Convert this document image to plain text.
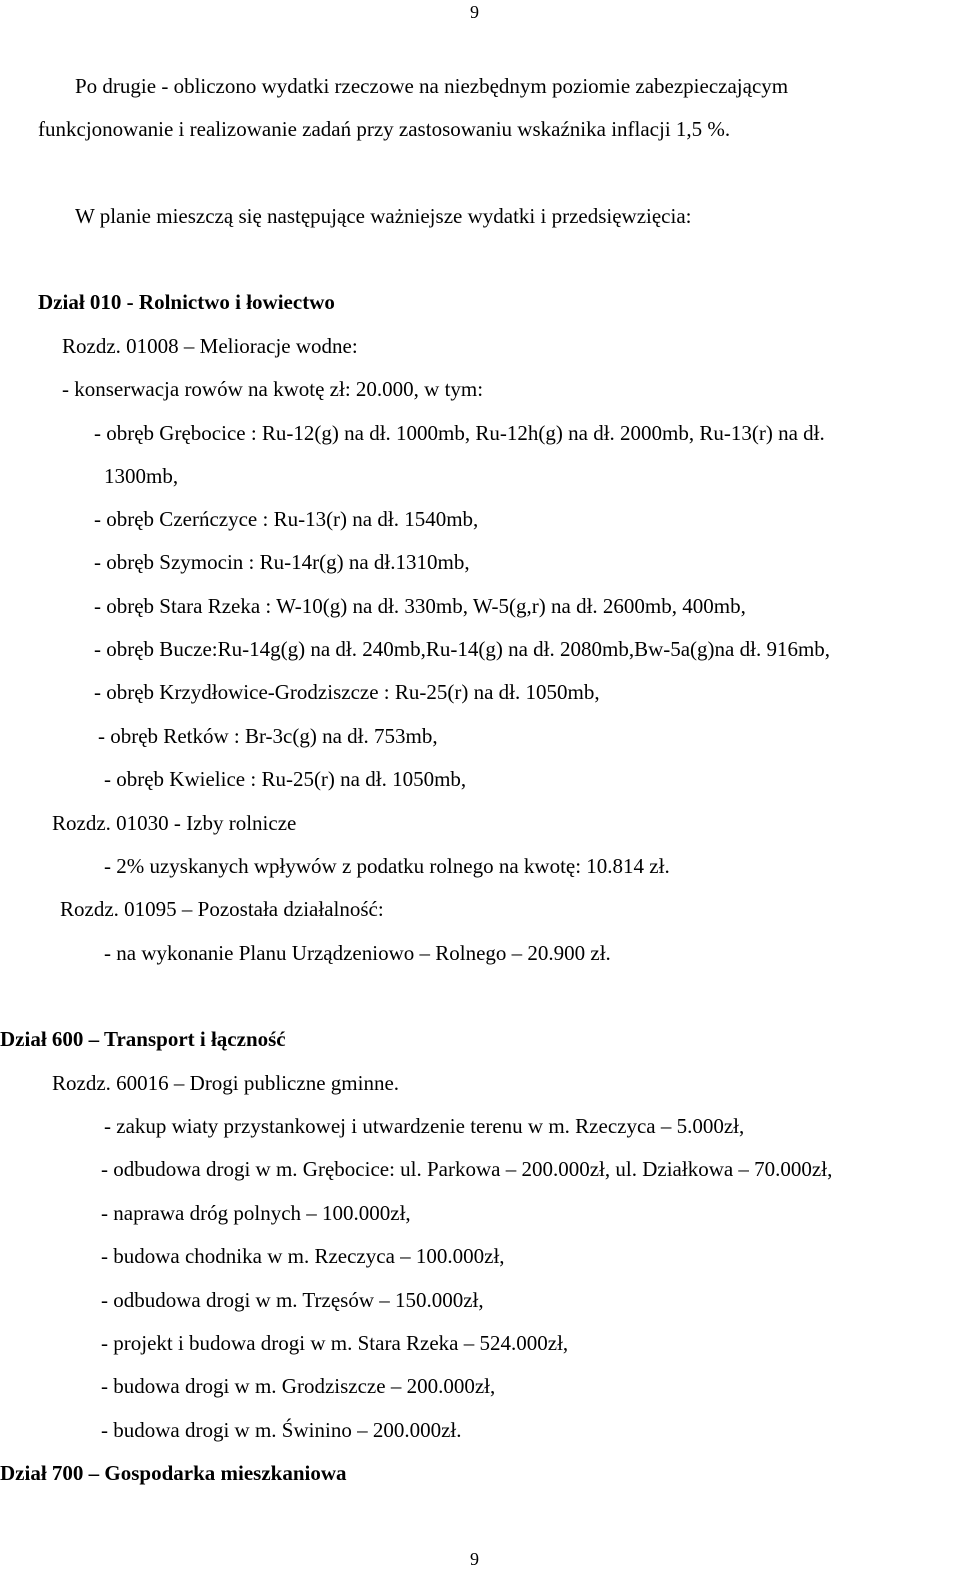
9
Po drugie - obliczono wydatki rzeczowe na niezbędnym poziomie zabezpieczającym
funkcjonowanie i realizowanie zadań przy zastosowaniu wskaźnika inflacji 1,5 %.
W planie mieszczą się następujące ważniejsze wydatki i przedsięwzięcia:
Dział 010 - Rolnictwo i łowiectwo
Rozdz. 01008 – Melioracje wodne:
- konserwacja rowów na kwotę zł: 20.000, w tym:
- obręb Grębocice : Ru-12(g) na dł. 1000mb, Ru-12h(g) na dł. 2000mb, Ru-13(r) na dł.
1300mb,
- obręb Czerńczyce : Ru-13(r) na dł. 1540mb,
- obręb Szymocin : Ru-14r(g) na dł.1310mb,
- obręb Stara Rzeka : W-10(g) na dł. 330mb, W-5(g,r) na dł. 2600mb, 400mb,
- obręb Bucze:Ru-14g(g) na dł. 240mb,Ru-14(g) na dł. 2080mb,Bw-5a(g)na dł. 916mb,
- obręb Krzydłowice-Grodziszcze : Ru-25(r) na dł. 1050mb,
- obręb Retków : Br-3c(g) na dł. 753mb,
- obręb Kwielice : Ru-25(r) na dł. 1050mb,
Rozdz. 01030 - Izby rolnicze
- 2% uzyskanych wpływów z podatku rolnego na kwotę: 10.814 zł.
Rozdz. 01095 – Pozostała działalność:
- na wykonanie Planu Urządzeniowo – Rolnego – 20.900 zł.
Dział 600 – Transport i łączność
Rozdz. 60016 – Drogi publiczne gminne.
- zakup wiaty przystankowej i utwardzenie terenu w m. Rzeczyca – 5.000zł,
- odbudowa drogi w m. Grębocice: ul. Parkowa – 200.000zł, ul. Działkowa – 70.000zł,
- naprawa dróg polnych – 100.000zł,
- budowa chodnika w m. Rzeczyca – 100.000zł,
- odbudowa drogi w m. Trzęsów – 150.000zł,
- projekt i budowa drogi w m. Stara Rzeka – 524.000zł,
- budowa drogi w m. Grodziszcze – 200.000zł,
- budowa drogi w m. Świnino – 200.000zł.
Dział 700 – Gospodarka mieszkaniowa
9
